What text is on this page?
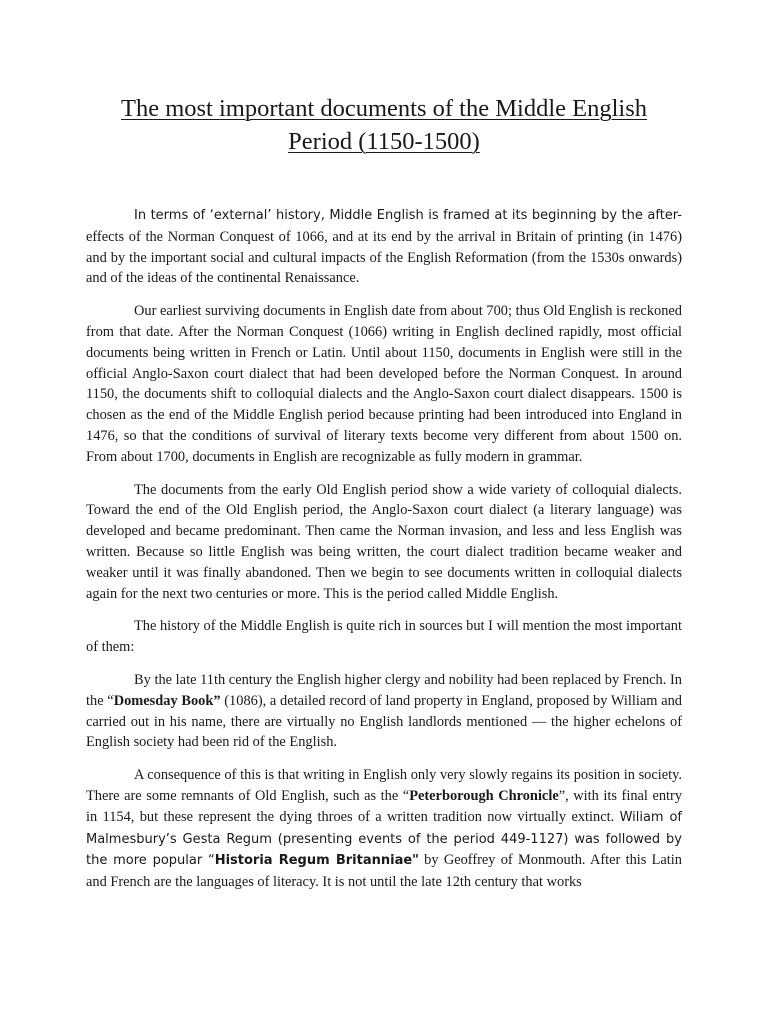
The most important documents of the Middle English Period (1150-1500)

In terms of ‘external’ history, Middle English is framed at its beginning by the after- effects of the Norman Conquest of 1066, and at its end by the arrival in Britain of printing (in 1476) and by the important social and cultural impacts of the English Reformation (from the 1530s onwards) and of the ideas of the continental Renaissance.

Our earliest surviving documents in English date from about 700; thus Old English is reckoned from that date. After the Norman Conquest (1066) writing in English declined rapidly, most official documents being written in French or Latin. Until about 1150, documents in English were still in the official Anglo-Saxon court dialect that had been developed before the Norman Conquest. In around 1150, the documents shift to colloquial dialects and the Anglo-Saxon court dialect disappears. 1500 is chosen as the end of the Middle English period because printing had been introduced into England in 1476, so that the conditions of survival of literary texts become very different from about 1500 on. From about 1700, documents in English are recognizable as fully modern in grammar.

The documents from the early Old English period show a wide variety of colloquial dialects. Toward the end of the Old English period, the Anglo-Saxon court dialect (a literary language) was developed and became predominant. Then came the Norman invasion, and less and less English was written. Because so little English was being written, the court dialect tradition became weaker and weaker until it was finally abandoned. Then we begin to see documents written in colloquial dialects again for the next two centuries or more. This is the period called Middle English.

The history of the Middle English is quite rich in sources but I will mention the most important of them:

By the late 11th century the English higher clergy and nobility had been replaced by French. In the “Domesday Book” (1086), a detailed record of land property in England, proposed by William and carried out in his name, there are virtually no English landlords mentioned — the higher echelons of English society had been rid of the English.

A consequence of this is that writing in English only very slowly regains its position in society. There are some remnants of Old English, such as the “Peterborough Chronicle”, with its final entry in 1154, but these represent the dying throes of a written tradition now virtually extinct. Wiliam of Malmesbury’s Gesta Regum (presenting events of the period 449-1127) was followed by the more popular “Historia Regum Britanniae" by Geoffrey of Monmouth. After this Latin and French are the languages of literacy. It is not until the late 12th century that works
